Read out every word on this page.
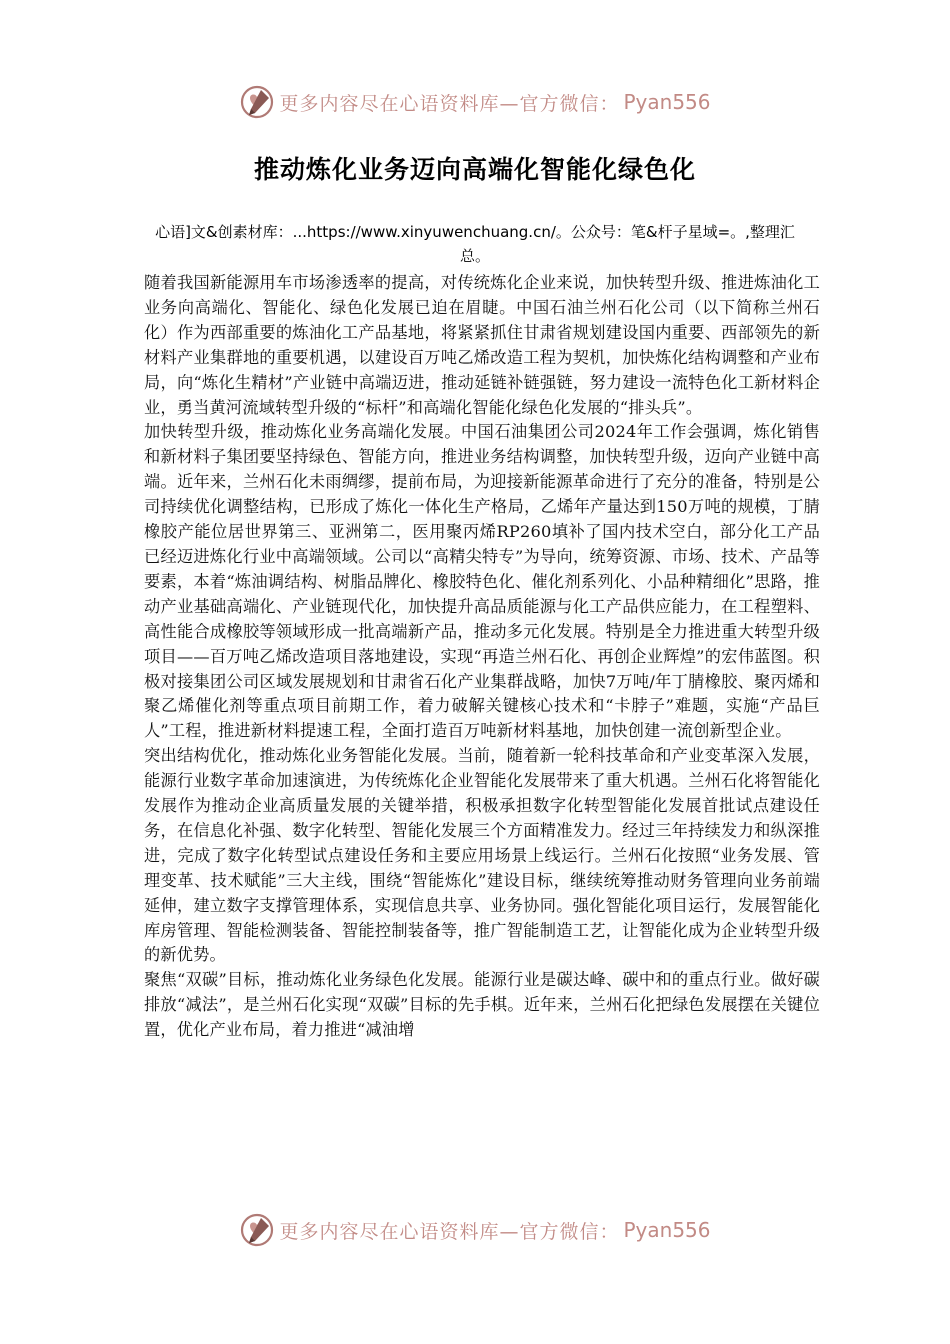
更多内容尽在心语资料库—官方微信： Pyan556
推动炼化业务迈向高端化智能化绿色化
心语]文&创素材库：...https://www.xinyuwenchuang.cn/。公众号：笔&杆子星域=。,整理汇总。

随着我国新能源用车市场渗透率的提高，对传统炼化企业来说，加快转型升级、推进炼油化工业务向高端化、智能化、绿色化发展已迫在眉睫。中国石油兰州石化公司（以下简称兰州石化）作为西部重要的炼油化工产品基地，将紧紧抓住甘肃省规划建设国内重要、西部领先的新材料产业集群地的重要机遇，以建设百万吨乙烯改造工程为契机，加快炼化结构调整和产业布局，向“炼化生精材”产业链中高端迈进，推动延链补链强链，努力建设一流特色化工新材料企业，勇当黄河流域转型升级的“标杆”和高端化智能化绿色化发展的“排头兵”。

加快转型升级，推动炼化业务高端化发展。中国石油集团公司2024年工作会强调，炼化销售和新材料子集团要坚持绿色、智能方向，推进业务结构调整，加快转型升级，迈向产业链中高端。近年来，兰州石化未雨绸缪，提前布局，为迎接新能源革命进行了充分的准备，特别是公司持续优化调整结构，已形成了炼化一体化生产格局，乙烯年产量达到150万吨的规模，丁腈橡胶产能位居世界第三、亚洲第二，医用聚丙烯RP260填补了国内技术空白，部分化工产品已经迈进炼化行业中高端领域。公司以“高精尖特专”为导向，统筹资源、市场、技术、产品等要素，本着“炼油调结构、树脂品牌化、橡胶特色化、催化剂系列化、小品种精细化”思路，推动产业基础高端化、产业链现代化，加快提升高品质能源与化工产品供应能力，在工程塑料、高性能合成橡胶等领域形成一批高端新产品，推动多元化发展。特别是全力推进重大转型升级项目——百万吨乙烯改造项目落地建设，实现“再造兰州石化、再创企业辉煌”的宏伟蓝图。积极对接集团公司区域发展规划和甘肃省石化产业集群战略，加快7万吨/年丁腈橡胶、聚丙烯和聚乙烯催化剂等重点项目前期工作，着力破解关键核心技术和“卡脖子”难题，实施“产品巨人”工程，推进新材料提速工程，全面打造百万吨新材料基地，加快创建一流创新型企业。

突出结构优化，推动炼化业务智能化发展。当前，随着新一轮科技革命和产业变革深入发展，能源行业数字革命加速演进，为传统炼化企业智能化发展带来了重大机遇。兰州石化将智能化发展作为推动企业高质量发展的关键举措，积极承担数字化转型智能化发展首批试点建设任务，在信息化补强、数字化转型、智能化发展三个方面精准发力。经过三年持续发力和纵深推进，完成了数字化转型试点建设任务和主要应用场景上线运行。兰州石化按照“业务发展、管理变革、技术赋能”三大主线，围绕“智能炼化”建设目标，继续统筹推动财务管理向业务前端延伸，建立数字支撑管理体系，实现信息共享、业务协同。强化智能化项目运行，发展智能化库房管理、智能检测装备、智能控制装备等，推广智能制造工艺，让智能化成为企业转型升级的新优势。

聚焦“双碳”目标，推动炼化业务绿色化发展。能源行业是碳达峰、碳中和的重点行业。做好碳排放“减法”，是兰州石化实现“双碳”目标的先手棋。近年来，兰州石化把绿色发展摆在关键位置，优化产业布局，着力推进“减油增

更多内容尽在心语资料库—官方微信： Pyan556
